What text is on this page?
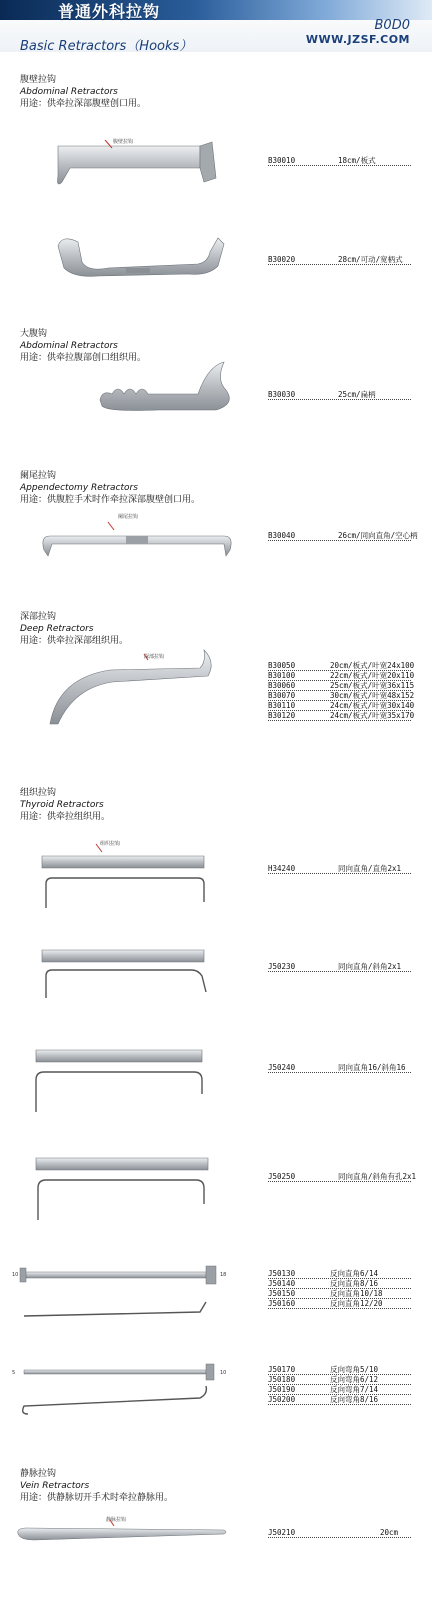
普通外科拉钩
Basic Retractors（Hooks）
B0D0
WWW.JZSF.COM
腹壁拉钩
Abdominal Retractors
用途：供牵拉深部腹壁创口用。
大腹钩
Abdominal Retractors
用途：供牵拉腹部创口组织用。
阑尾拉钩
Appendectomy Retractors
用途：供腹腔手术时作牵拉深部腹壁创口用。
深部拉钩
Deep Retractors
用途：供牵拉深部组织用。
组织拉钩
Thyroid Retractors
用途：供牵拉组织用。
静脉拉钩
Vein Retractors
用途：供静脉切开手术时牵拉静脉用。
B30010	18cm/板式
B30020	28cm/可动/宽柄式
B30030	25cm/扁柄
B30040	26cm/同向直角/空心柄
B30050	20cm/板式/叶宽24x100
B30100	22cm/板式/叶宽20x110
B30060	25cm/板式/叶宽36x115
B30070	30cm/板式/叶宽48x152
B30110	24cm/板式/叶宽30x140
B30120	24cm/板式/叶宽35x170
H34240	同向直角/直角2x1
J50230	同向直角/斜角2x1
J50240	同向直角16/斜角16
J50250	同向直角/斜角有孔2x1
J50130	反向直角6/14
J50140	反向直角8/16
J50150	反向直角10/18
J50160	反向直角12/20
J50170	反向弯角5/10
J50180	反向弯角6/12
J50190	反向弯角7/14
J50200	反向弯角8/16
J50210	20cm
腹壁拉钩
阑尾拉钩
深部拉钩
组织拉钩
10	18
5	10
静脉拉钩
